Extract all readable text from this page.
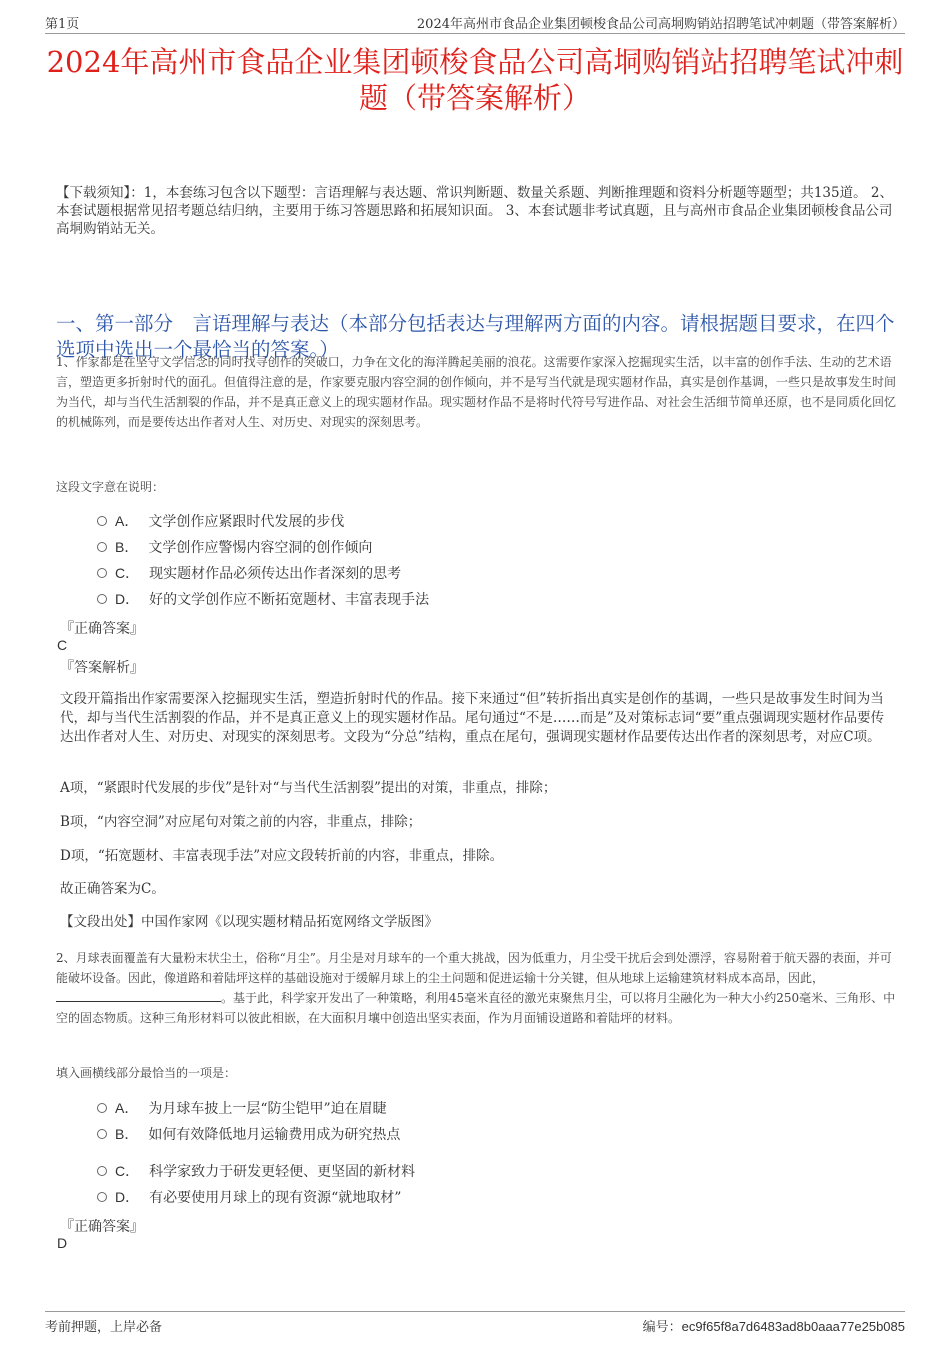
第1页	2024年高州市食品企业集团顿梭食品公司高垌购销站招聘笔试冲刺题（带答案解析）
2024年高州市食品企业集团顿梭食品公司高垌购销站招聘笔试冲刺题（带答案解析）
【下载须知】：1，本套练习包含以下题型：言语理解与表达题、常识判断题、数量关系题、判断推理题和资料分析题等题型；共135道。 2、本套试题根据常见招考题总结归纳，主要用于练习答题思路和拓展知识面。 3、本套试题非考试真题，且与高州市食品企业集团顿梭食品公司高垌购销站无关。
一、第一部分　言语理解与表达（本部分包括表达与理解两方面的内容。请根据题目要求，在四个选项中选出一个最恰当的答案。）
1、作家都是在坚守文学信念的同时找寻创作的突破口，力争在文化的海洋腾起美丽的浪花。这需要作家深入挖掘现实生活，以丰富的创作手法、生动的艺术语言，塑造更多折射时代的面孔。但值得注意的是，作家要克服内容空洞的创作倾向，并不是写当代就是现实题材作品，真实是创作基调，一些只是故事发生时间为当代，却与当代生活割裂的作品，并不是真正意义上的现实题材作品。现实题材作品不是将时代符号写进作品、对社会生活细节简单还原，也不是同质化回忆的机械陈列，而是要传达出作者对人生、对历史、对现实的深刻思考。
这段文字意在说明：
A． 文学创作应紧跟时代发展的步伐
B． 文学创作应警惕内容空洞的创作倾向
C． 现实题材作品必须传达出作者深刻的思考
D． 好的文学创作应不断拓宽题材、丰富表现手法
『正确答案』
C
『答案解析』
文段开篇指出作家需要深入挖掘现实生活，塑造折射时代的作品。接下来通过“但”转折指出真实是创作的基调，一些只是故事发生时间为当代，却与当代生活割裂的作品，并不是真正意义上的现实题材作品。尾句通过“不是……而是”及对策标志词“要”重点强调现实题材作品要传达出作者对人生、对历史、对现实的深刻思考。文段为“分总”结构，重点在尾句，强调现实题材作品要传达出作者的深刻思考，对应C项。
A项，“紧跟时代发展的步伐”是针对“与当代生活割裂”提出的对策，非重点，排除；
B项，“内容空洞”对应尾句对策之前的内容，非重点，排除；
D项，“拓宽题材、丰富表现手法”对应文段转折前的内容，非重点，排除。
故正确答案为C。
【文段出处】中国作家网《以现实题材精品拓宽网络文学版图》
2、月球表面覆盖有大量粉末状尘土，俗称“月尘”。月尘是对月球车的一个重大挑战，因为低重力，月尘受干扰后会到处漂浮，容易附着于航天器的表面，并可能破坏设备。因此，像道路和着陆坪这样的基础设施对于缓解月球上的尘土问题和促进运输十分关键，但从地球上运输建筑材料成本高昂，因此，。基于此，科学家开发出了一种策略，利用45毫米直径的激光束聚焦月尘，可以将月尘融化为一种大小约250毫米、三角形、中空的固态物质。这种三角形材料可以彼此相嵌，在大面积月壤中创造出坚实表面，作为月面铺设道路和着陆坪的材料。
填入画横线部分最恰当的一项是：
A． 为月球车披上一层“防尘铠甲”迫在眉睫
B． 如何有效降低地月运输费用成为研究热点
C． 科学家致力于研发更轻便、更坚固的新材料
D． 有必要使用月球上的现有资源“就地取材”
『正确答案』
D
考前押题，上岸必备	编号：ec9f65f8a7d6483ad8b0aaa77e25b085
